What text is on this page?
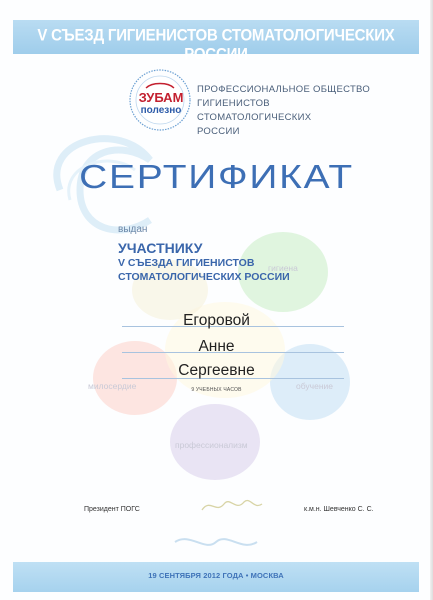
V СЪЕЗД ГИГИЕНИСТОВ СТОМАТОЛОГИЧЕСКИХ РОССИИ
ЗУБАМ
полезно
ПРОФЕССИОНАЛЬНОЕ ОБЩЕСТВО
ГИГИЕНИСТОВ СТОМАТОЛОГИЧЕСКИХ
РОССИИ
СЕРТИФИКАТ
выдан
УЧАСТНИКУ
V СЪЕЗДА ГИГИЕНИСТОВ
СТОМАТОЛОГИЧЕСКИХ РОССИИ
Егоровой
Анне
Сергеевне
9 УЧЕБНЫХ ЧАСОВ
гигиена
милосердие	обучение
профессионализм
Президент ПОГС	к.м.н. Шевченко С. С.
19 СЕНТЯБРЯ 2012 ГОДА • МОСКВА
